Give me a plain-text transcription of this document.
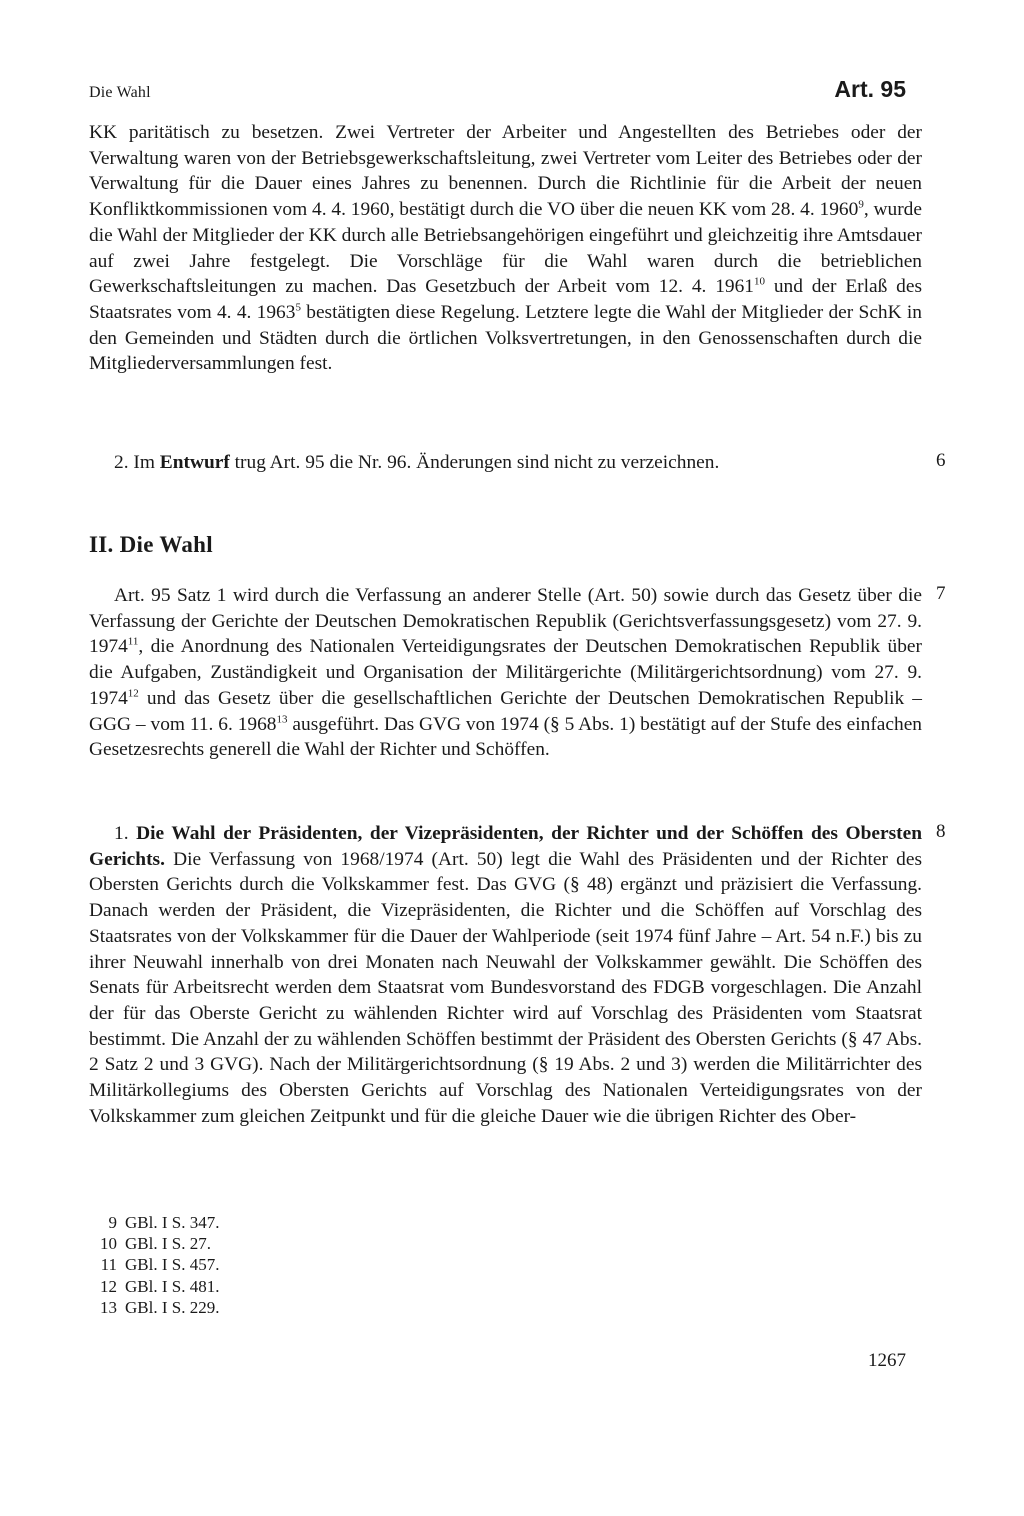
Die Wahl	Art. 95

KK paritätisch zu besetzen. Zwei Vertreter der Arbeiter und Angestellten des Betriebes oder der Verwaltung waren von der Betriebsgewerkschaftsleitung, zwei Vertreter vom Leiter des Betriebes oder der Verwaltung für die Dauer eines Jahres zu benennen. Durch die Richtlinie für die Arbeit der neuen Konfliktkommissionen vom 4. 4. 1960, bestätigt durch die VO über die neuen KK vom 28. 4. 1960$^9$, wurde die Wahl der Mitglieder der KK durch alle Betriebsangehörigen eingeführt und gleichzeitig ihre Amtsdauer auf zwei Jahre festgelegt. Die Vorschläge für die Wahl waren durch die betrieblichen Gewerkschaftsleitungen zu machen. Das Gesetzbuch der Arbeit vom 12. 4. 1961$^{10}$ und der Erlaß des Staatsrates vom 4. 4. 1963$^5$ bestätigten diese Regelung. Letztere legte die Wahl der Mitglieder der SchK in den Gemeinden und Städten durch die örtlichen Volksvertretungen, in den Genossenschaften durch die Mitgliederversammlungen fest.

2. Im Entwurf trug Art. 95 die Nr. 96. Änderungen sind nicht zu verzeichnen.	6
II. Die Wahl

Art. 95 Satz 1 wird durch die Verfassung an anderer Stelle (Art. 50) sowie durch das Gesetz über die Verfassung der Gerichte der Deutschen Demokratischen Republik (Gerichtsverfassungsgesetz) vom 27. 9. 1974$^{11}$, die Anordnung des Nationalen Verteidigungsrates der Deutschen Demokratischen Republik über die Aufgaben, Zuständigkeit und Organisation der Militärgerichte (Militärgerichtsordnung) vom 27. 9. 1974$^{12}$ und das Gesetz über die gesellschaftlichen Gerichte der Deutschen Demokratischen Republik – GGG – vom 11. 6. 1968$^{13}$ ausgeführt. Das GVG von 1974 (§ 5 Abs. 1) bestätigt auf der Stufe des einfachen Gesetzesrechts generell die Wahl der Richter und Schöffen.

7

1. Die Wahl der Präsidenten, der Vizepräsidenten, der Richter und der Schöffen des Obersten Gerichts. Die Verfassung von 1968/1974 (Art. 50) legt die Wahl des Präsidenten und der Richter des Obersten Gerichts durch die Volkskammer fest. Das GVG (§ 48) ergänzt und präzisiert die Verfassung. Danach werden der Präsident, die Vizepräsidenten, die Richter und die Schöffen auf Vorschlag des Staatsrates von der Volkskammer für die Dauer der Wahlperiode (seit 1974 fünf Jahre – Art. 54 n.F.) bis zu ihrer Neuwahl innerhalb von drei Monaten nach Neuwahl der Volkskammer gewählt. Die Schöffen des Senats für Arbeitsrecht werden dem Staatsrat vom Bundesvorstand des FDGB vorgeschlagen. Die Anzahl der für das Oberste Gericht zu wählenden Richter wird auf Vorschlag des Präsidenten vom Staatsrat bestimmt. Die Anzahl der zu wählenden Schöffen bestimmt der Präsident des Obersten Gerichts (§ 47 Abs. 2 Satz 2 und 3 GVG). Nach der Militärgerichtsordnung (§ 19 Abs. 2 und 3) werden die Militärrichter des Militärkollegiums des Obersten Gerichts auf Vorschlag des Nationalen Verteidigungsrates von der Volkskammer zum gleichen Zeitpunkt und für die gleiche Dauer wie die übrigen Richter des Ober-

8
9 GBl. I S. 347.
10 GBl. I S. 27.
11 GBl. I S. 457.
12 GBl. I S. 481.
13 GBl. I S. 229.
1267
